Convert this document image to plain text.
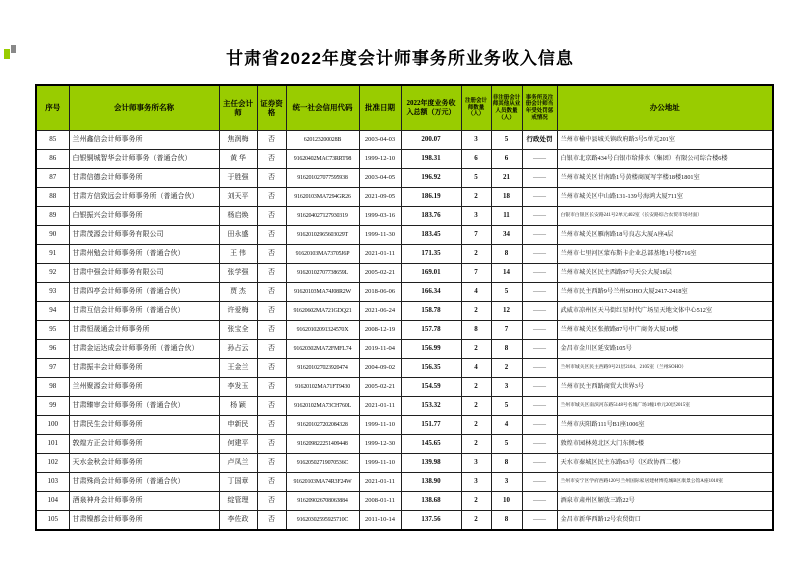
甘肃省2022年度会计师事务所业务收入信息
序号	会计师事务所名称	主任会计师	证券资格	统一社会信用代码	批准日期	2022年度业务收入总额（万元）	注册会计师数量（人）	非注册会计师其他从业人员数量（人）	事务所及注册会计师当年受处罚惩戒情况	办公地址
85	兰州鑫信会计师事务所	焦润梅	否	620123200028B	2003-04-03	200.07	3	5	行政处罚	兰州市榆中县城关镇政府路3号5单元201室
86	白银铜城智华会计师事务（普通合伙）	黄 华	否	91620402MAC73RRT98	1999-12-10	198.31	6	6	——	白银市北京路434号白银市给排水（集团）有限公司综合楼6楼
87	甘肃信德会计师事务所	于胜强	否	916201027077595938	2003-04-05	196.92	5	21	——	兰州市城关区甘南路1号黄楼商厦写字楼18楼1801室
88	甘肃方信致远会计师事务所（普通合伙）	刘天平	否	91620103MA7294GR26	2021-09-05	186.19	2	18	——	兰州市城关区中山路131-139号海鸿大厦711室
89	白银振兴会计师事务所	杨启焕	否	916204027127930319	1999-03-16	183.76	3	11	——	白银市白银区长安路241号2单元402室（长安路综合农贸市场对面）
90	甘肃茂源会计师事务有限公司	田永盛	否	91620102965603029T	1999-11-30	183.45	7	34	——	兰州市城关区雁南路18号良志大厦A座4层
91	甘肃州勉会计师事务所（普通合伙）	王 伟	否	91620103MA73705J6P	2021-01-11	171.35	2	8	——	兰州市七里河区蒙布斯卡企业总部基地1号楼716室
92	甘肃中强会计师事务有限公司	张学强	否	91620102707738659L	2005-02-21	169.01	7	14	——	兰州市城关区民主西路97号天公大厦18层
93	甘肃四亭会计师事务所（普通合伙）	贾 杰	否	91620103MA74J08R2W	2018-06-06	166.34	4	5	——	兰州市民主西路9号兰州SOHO大厦2417-2418室
94	甘肃互信会计师事务所（普通合伙）	许爱梅	否	91620602MA721GDQ21	2021-06-24	158.78	2	12	——	武威市凉州区天马街红星时代广场星天地文体中心512室
95	甘肃恒晟通会计师事务所	张宝全	否	91620102091324570X	2008-12-19	157.78	8	7	——	兰州市城关区张掖路87号中广商务大厦10楼
96	甘肃金运达成会计师事务所（普通合伙）	孙占云	否	91620302MA72FMFL74	2019-11-04	156.99	2	8	——	金昌市金川区延安路105号
97	甘肃振丰会计师事务所	王金兰	否	916201027023920474	2004-09-02	156.35	4	2	——	兰州市城关区民主西路9号21层2104、2105室（兰州SOHO）
98	兰州聚源会计师事务所	李发玉	否	91620102MA71FT9430	2005-02-21	154.59	2	3	——	兰州市民主西路商贸大世界3号
99	甘肃臻审会计师事务所（普通合伙）	杨 颖	否	91620102MA73CH760L	2021-01-11	153.32	2	5	——	兰州市城关区南滨河东路5148号名城广场1幢1单元20层2015室
100	甘肃民生会计师事务所	申新民	否	916201027202084328	1999-11-10	151.77	2	4	——	兰州市庆阳路111号B1座1006室
101	敦煌方正会计师事务所	何建平	否	916209822251409448	1999-12-30	145.65	2	5	——	敦煌市园林苑北区大门东侧2楼
102	天水金秋会计师事务所	卢凤兰	否	91620502719070536C	1999-11-10	139.98	3	8	——	天水市秦城区民主东路63号（区政协西二楼）
103	甘肃殊尚会计师事务所（普通合伙）	丁国章	否	91620103MA74R3F24W	2021-01-11	138.90	3	3	——	兰州市安宁区学府西路120号兰州国际家居建材博览城B区康景公馆A座1010室
104	酒泉神舟会计师事务所	绽管理	否	916209026708063884	2008-01-11	138.68	2	10	——	酒泉市肃州区解放三路22号
105	甘肃镍都会计师事务所	李佐政	否	91620302595925710C	2011-10-14	137.56	2	8	——	金昌市新华西路12号农贸街口
